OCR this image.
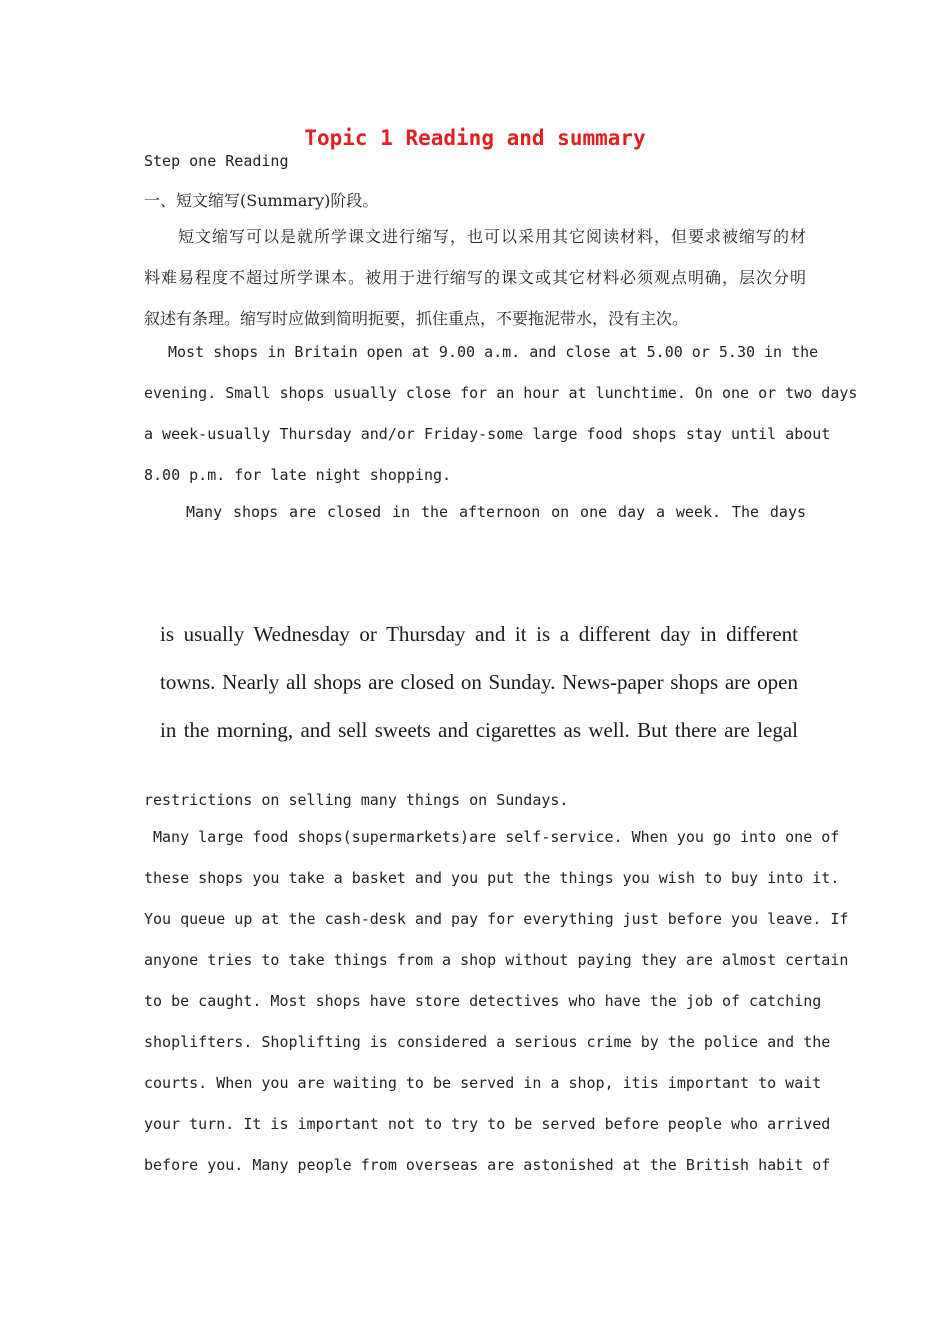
Topic 1 Reading and summary

Step one Reading

一、短文缩写(Summary)阶段。

短文缩写可以是就所学课文进行缩写，也可以采用其它阅读材料，但要求被缩写的材

料难易程度不超过所学课本。被用于进行缩写的课文或其它材料必须观点明确，层次分明

叙述有条理。缩写时应做到简明扼要，抓住重点，不要拖泥带水，没有主次。

Most shops in Britain open at 9.00 a.m. and close at 5.00 or 5.30 in the

evening. Small shops usually close for an hour at lunchtime. On one or two days

a week-usually Thursday and/or Friday-some large food shops stay until about

8.00 p.m. for late night shopping.

Many shops are closed in the afternoon on one day a week. The days

is usually Wednesday or Thursday and it is a different day in different

towns. Nearly all shops are closed on Sunday. News-paper shops are open

in the morning, and sell sweets and cigarettes as well. But there are legal

restrictions on selling many things on Sundays.

Many large food shops(supermarkets)are self-service. When you go into one of

these shops you take a basket and you put the things you wish to buy into it.

You queue up at the cash-desk and pay for everything just before you leave. If

anyone tries to take things from a shop without paying they are almost certain

to be caught. Most shops have store detectives who have the job of catching

shoplifters. Shoplifting is considered a serious crime by the police and the

courts. When you are waiting to be served in a shop, itis important to wait

your turn. It is important not to try to be served before people who arrived

before you. Many people from overseas are astonished at the British habit of
